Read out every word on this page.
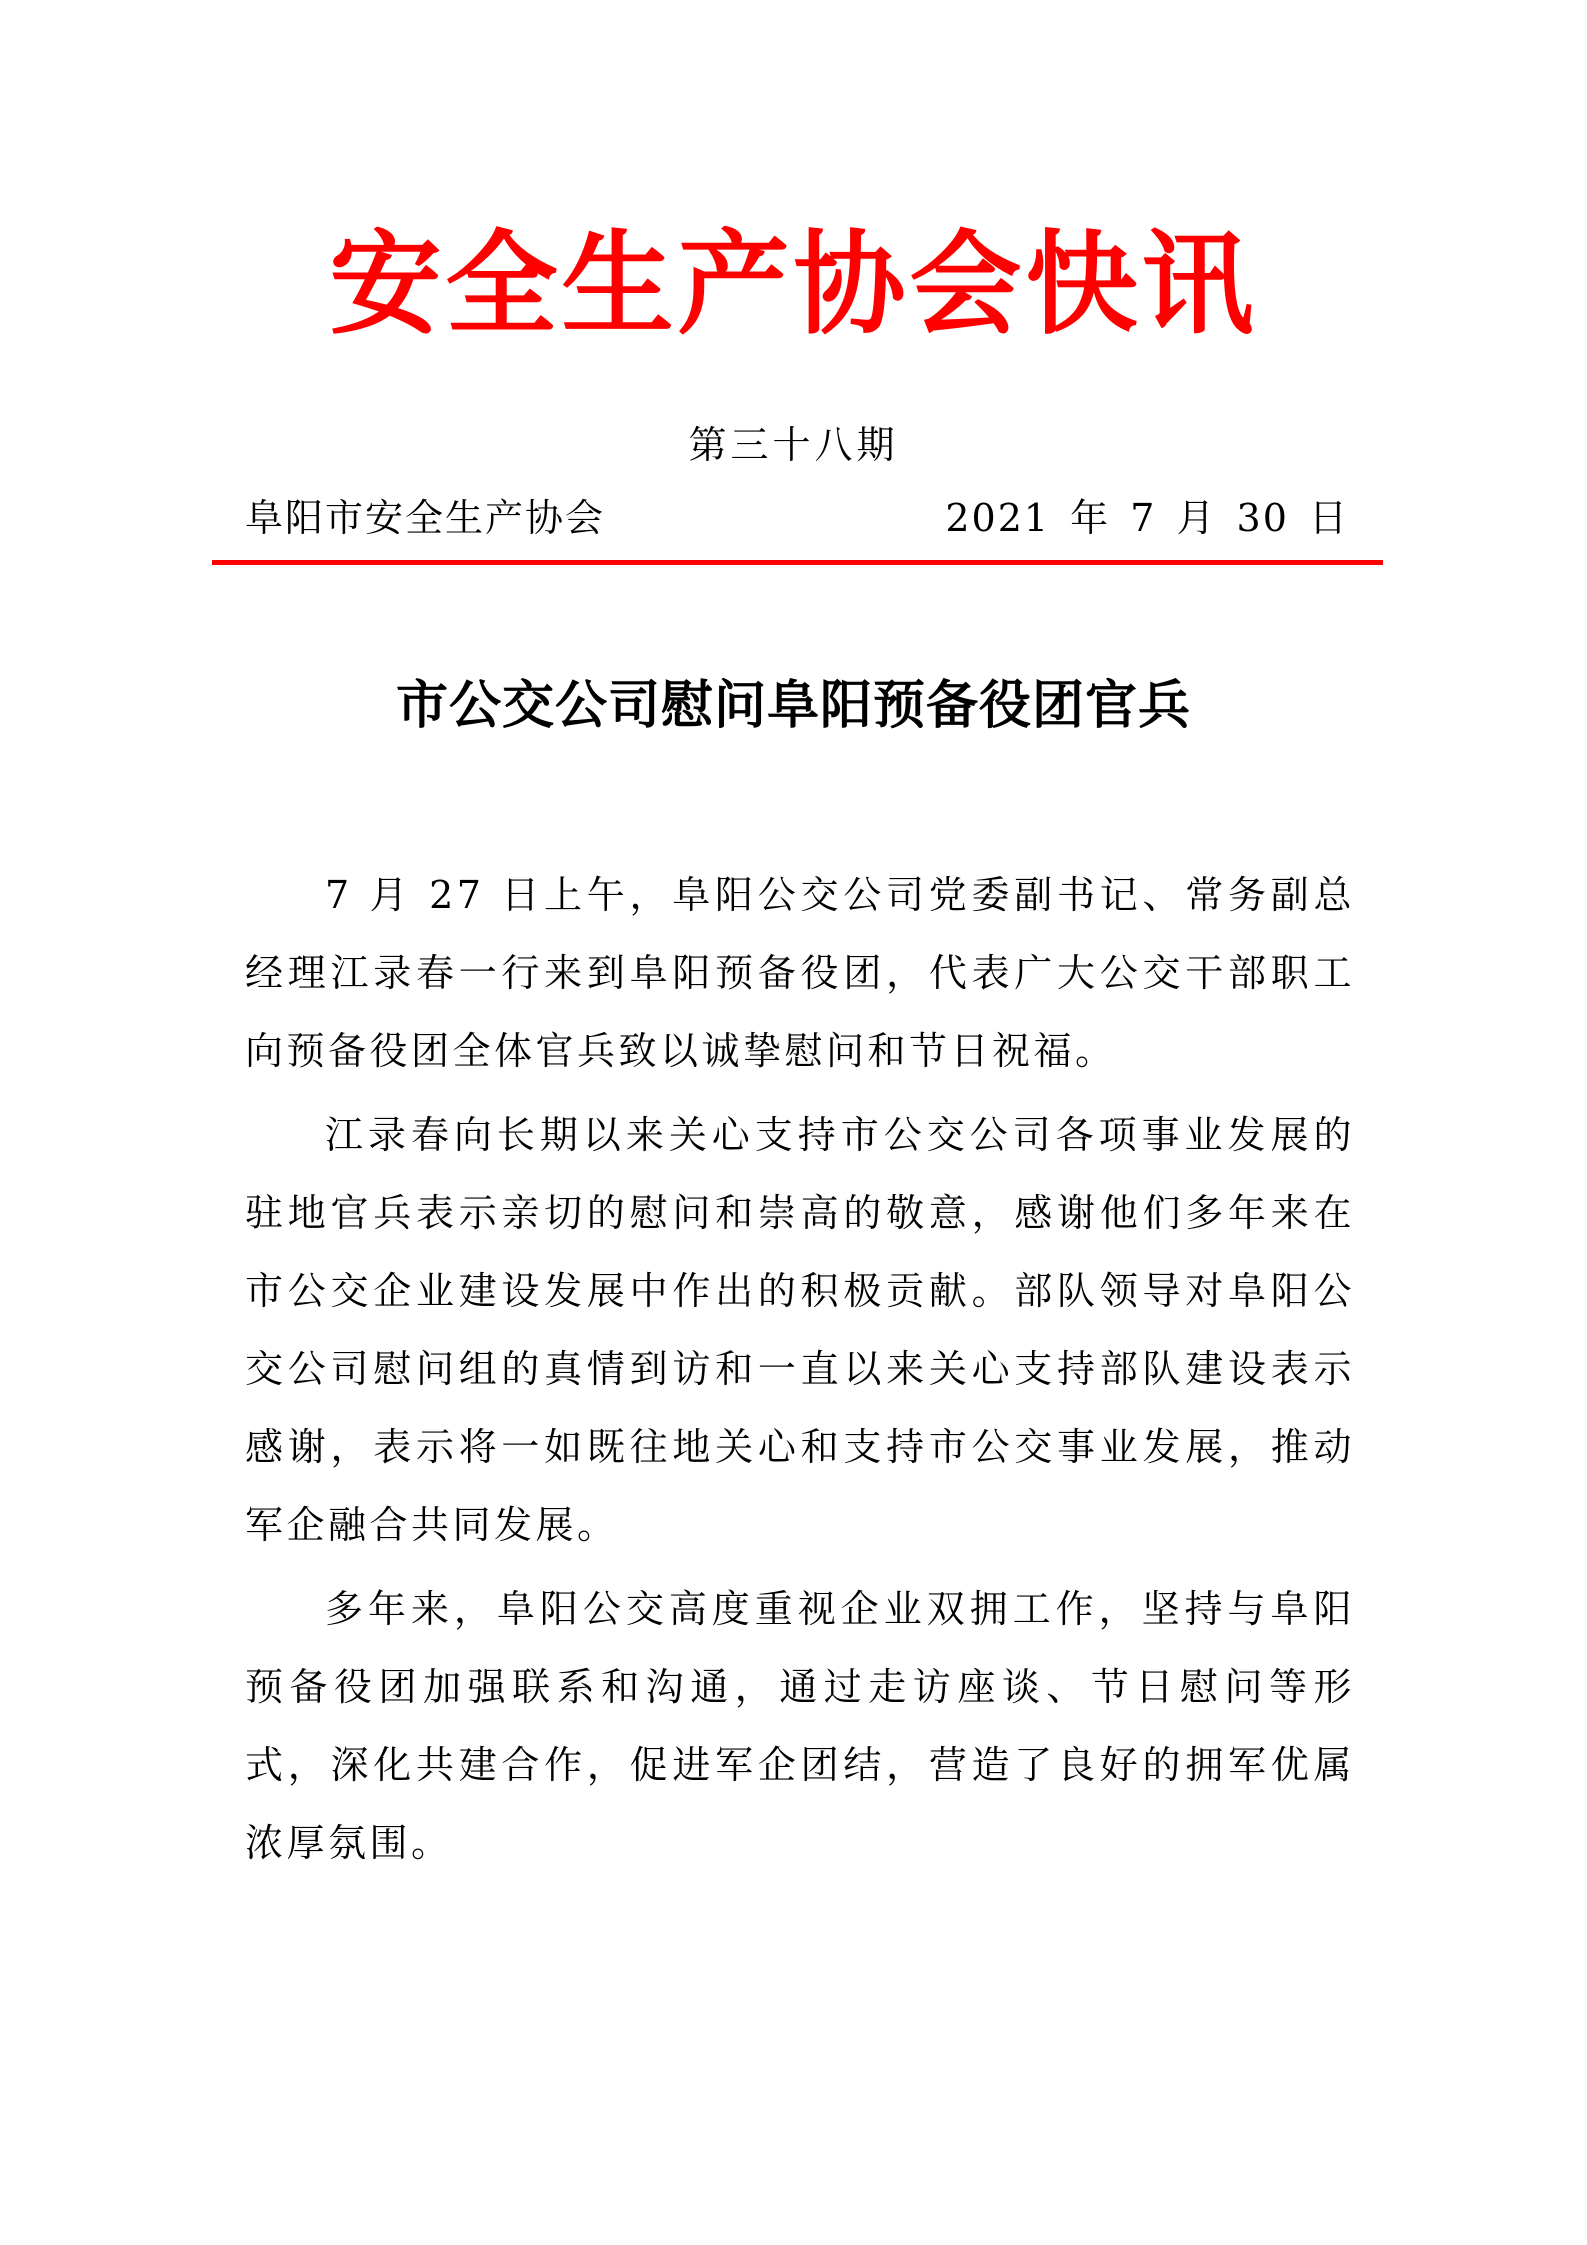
安全生产协会快讯
第三十八期
阜阳市安全生产协会	2021 年 7 月 30 日
市公交公司慰问阜阳预备役团官兵

7 月 27 日上午，阜阳公交公司党委副书记、常务副总经理江录春一行来到阜阳预备役团，代表广大公交干部职工向预备役团全体官兵致以诚挚慰问和节日祝福。

江录春向长期以来关心支持市公交公司各项事业发展的驻地官兵表示亲切的慰问和崇高的敬意，感谢他们多年来在市公交企业建设发展中作出的积极贡献。部队领导对阜阳公交公司慰问组的真情到访和一直以来关心支持部队建设表示感谢，表示将一如既往地关心和支持市公交事业发展，推动军企融合共同发展。

多年来，阜阳公交高度重视企业双拥工作，坚持与阜阳预备役团加强联系和沟通，通过走访座谈、节日慰问等形式，深化共建合作，促进军企团结，营造了良好的拥军优属浓厚氛围。
